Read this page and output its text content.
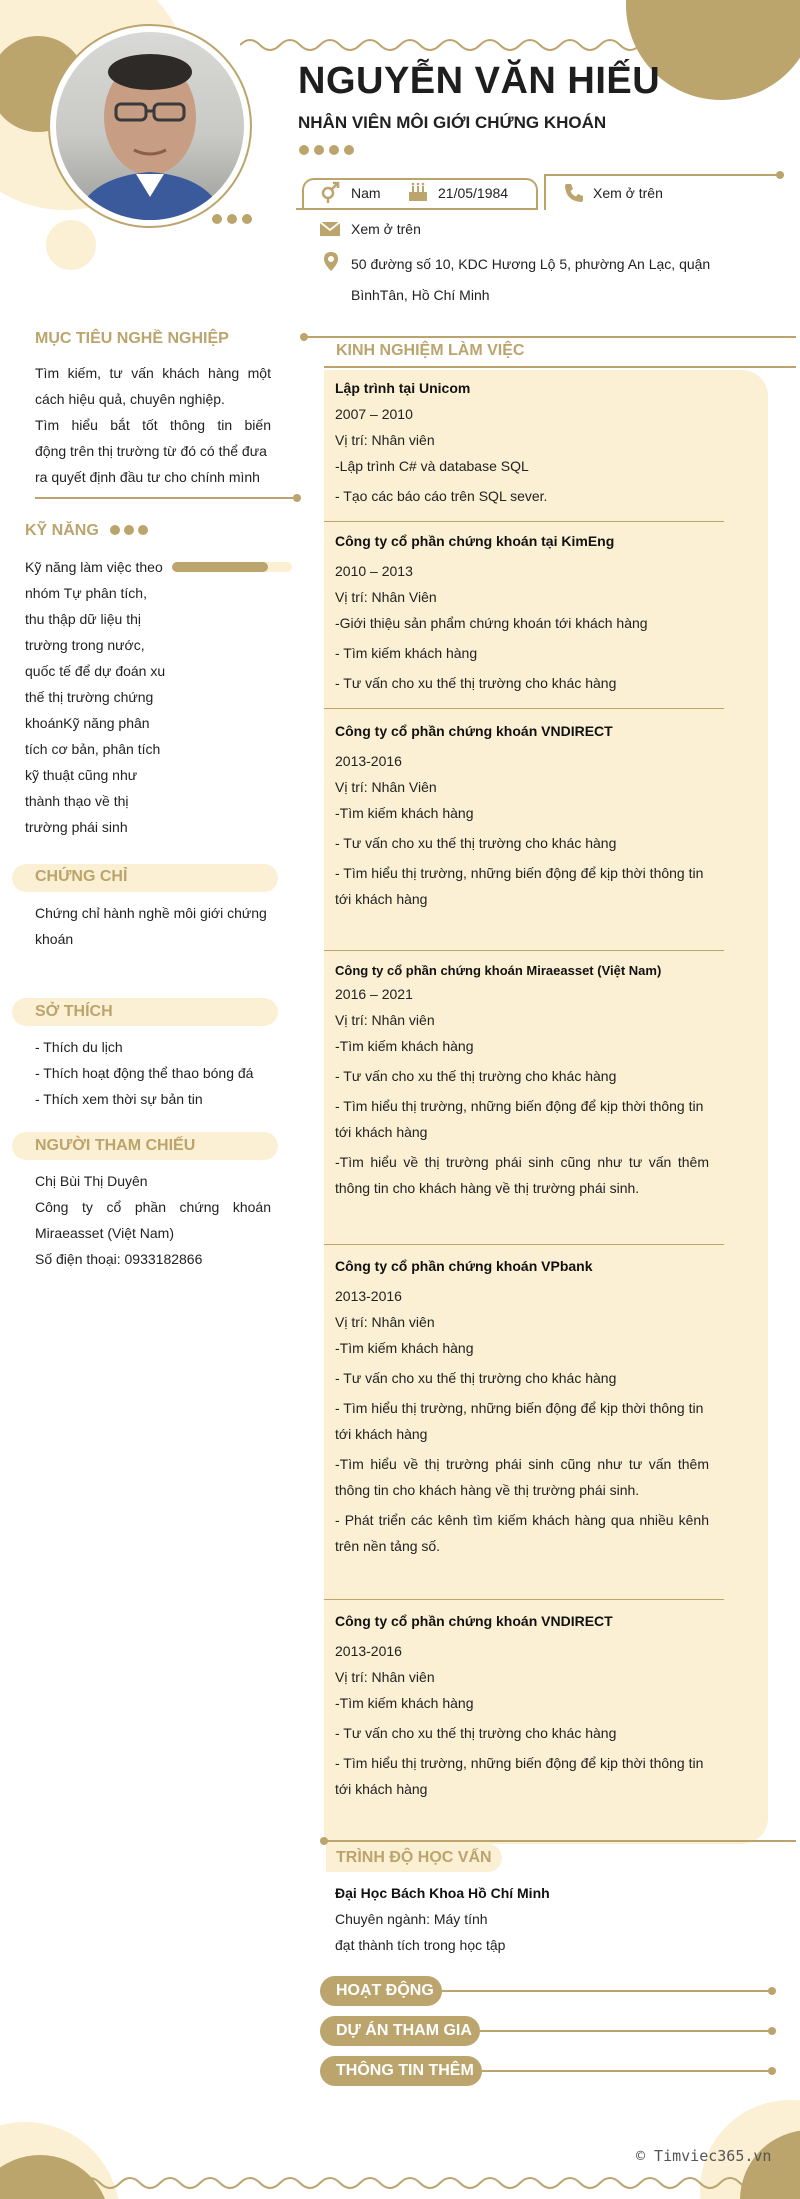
NGUYỄN VĂN HIẾU
NHÂN VIÊN MÔI GIỚI CHỨNG KHOÁN
Nam	21/05/1984	Xem ở trên
Xem ở trên
50 đường số 10, KDC Hương Lộ 5, phường An Lạc, quận
BìnhTân, Hồ Chí Minh
MỤC TIÊU NGHỀ NGHIỆP
Tìm kiếm, tư vấn khách hàng một
cách hiệu quả, chuyên nghiệp.
Tìm hiểu bắt tốt thông tin biến
động trên thị trường từ đó có thể đưa
ra quyết định đầu tư cho chính mình
KỸ NĂNG
Kỹ năng làm việc theo
nhóm Tự phân tích,
thu thập dữ liệu thị
trường trong nước,
quốc tế để dự đoán xu
thế thị trường chứng
khoánKỹ năng phân
tích cơ bản, phân tích
kỹ thuật cũng như
thành thạo về thị
trường phái sinh
CHỨNG CHỈ
Chứng chỉ hành nghề môi giới chứng
khoán
SỞ THÍCH
- Thích du lịch
- Thích hoạt động thể thao bóng đá
- Thích xem thời sự bản tin
NGƯỜI THAM CHIẾU
Chị Bùi Thị Duyên
Công ty cổ phần chứng khoán
Miraeasset (Việt Nam)
Số điện thoại: 0933182866
KINH NGHIỆM LÀM VIỆC
Lập trình tại Unicom
2007 – 2010
Vị trí: Nhân viên
-Lập trình C# và database SQL
- Tạo các báo cáo trên SQL sever.
Công ty cổ phần chứng khoán tại KimEng
2010 – 2013
Vị trí: Nhân Viên
-Giới thiệu sản phẩm chứng khoán tới khách hàng
- Tìm kiếm khách hàng
- Tư vấn cho xu thế thị trường cho khác hàng
Công ty cổ phần chứng khoán VNDIRECT
2013-2016
Vị trí: Nhân Viên
-Tìm kiếm khách hàng
- Tư vấn cho xu thế thị trường cho khác hàng
- Tìm hiểu thị trường, những biến động để kịp thời thông tin
tới khách hàng
Công ty cổ phần chứng khoán Miraeasset (Việt Nam)
2016 – 2021
Vị trí: Nhân viên
-Tìm kiếm khách hàng
- Tư vấn cho xu thế thị trường cho khác hàng
- Tìm hiểu thị trường, những biến động để kịp thời thông tin
tới khách hàng
-Tìm hiểu về thị trường phái sinh cũng như tư vấn thêm
thông tin cho khách hàng về thị trường phái sinh.
Công ty cổ phần chứng khoán VPbank
2013-2016
Vị trí: Nhân viên
-Tìm kiếm khách hàng
- Tư vấn cho xu thế thị trường cho khác hàng
- Tìm hiểu thị trường, những biến động để kịp thời thông tin
tới khách hàng
-Tìm hiểu về thị trường phái sinh cũng như tư vấn thêm
thông tin cho khách hàng về thị trường phái sinh.
- Phát triển các kênh tìm kiếm khách hàng qua nhiều kênh
trên nền tảng số.
Công ty cổ phần chứng khoán VNDIRECT
2013-2016
Vị trí: Nhân viên
-Tìm kiếm khách hàng
- Tư vấn cho xu thế thị trường cho khác hàng
- Tìm hiểu thị trường, những biến động để kịp thời thông tin
tới khách hàng
TRÌNH ĐỘ HỌC VẤN
Đại Học Bách Khoa Hồ Chí Minh
Chuyên ngành: Máy tính
đạt thành tích trong học tập
HOẠT ĐỘNG
DỰ ÁN THAM GIA
THÔNG TIN THÊM
© Timviec365.vn
